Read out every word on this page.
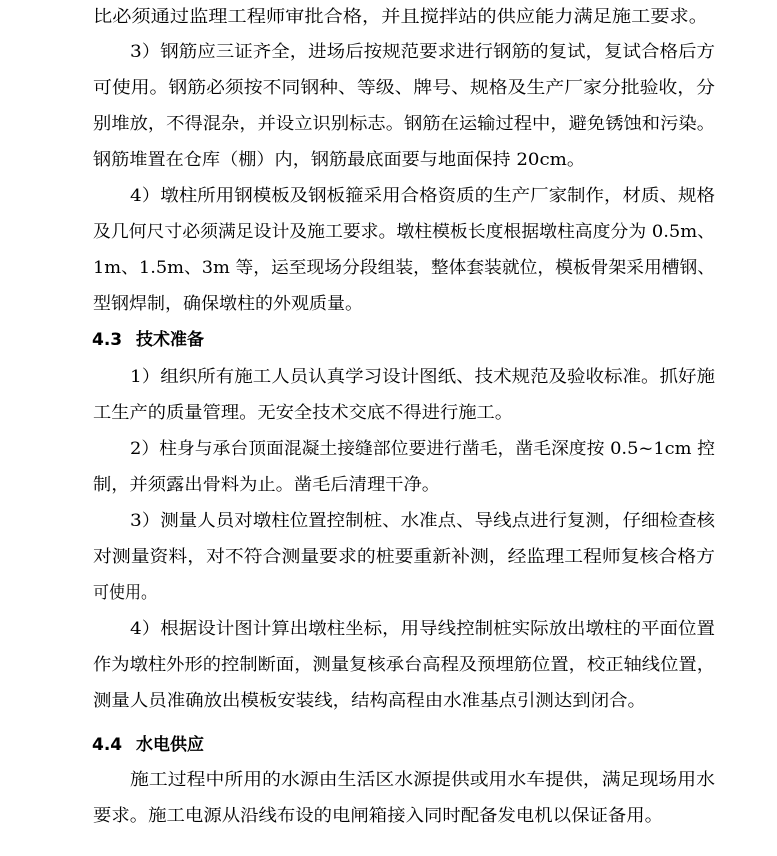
比必须通过监理工程师审批合格，并且搅拌站的供应能力满足施工要求。
3）钢筋应三证齐全，进场后按规范要求进行钢筋的复试，复试合格后方
可使用。钢筋必须按不同钢种、等级、牌号、规格及生产厂家分批验收，分
别堆放，不得混杂，并设立识别标志。钢筋在运输过程中，避免锈蚀和污染。
钢筋堆置在仓库（棚）内，钢筋最底面要与地面保持 20cm。
4）墩柱所用钢模板及钢板箍采用合格资质的生产厂家制作，材质、规格
及几何尺寸必须满足设计及施工要求。墩柱模板长度根据墩柱高度分为 0.5m、
1m、1.5m、3m 等，运至现场分段组装，整体套装就位，模板骨架采用槽钢、
型钢焊制，确保墩柱的外观质量。
4.3 技术准备
1）组织所有施工人员认真学习设计图纸、技术规范及验收标准。抓好施
工生产的质量管理。无安全技术交底不得进行施工。
2）柱身与承台顶面混凝土接缝部位要进行凿毛，凿毛深度按 0.5~1cm 控
制，并须露出骨料为止。凿毛后清理干净。
3）测量人员对墩柱位置控制桩、水准点、导线点进行复测，仔细检查核
对测量资料，对不符合测量要求的桩要重新补测，经监理工程师复核合格方
可使用。
4）根据设计图计算出墩柱坐标，用导线控制桩实际放出墩柱的平面位置
作为墩柱外形的控制断面，测量复核承台高程及预埋筋位置，校正轴线位置，
测量人员准确放出模板安装线，结构高程由水准基点引测达到闭合。
4.4 水电供应
施工过程中所用的水源由生活区水源提供或用水车提供，满足现场用水
要求。施工电源从沿线布设的电闸箱接入同时配备发电机以保证备用。
